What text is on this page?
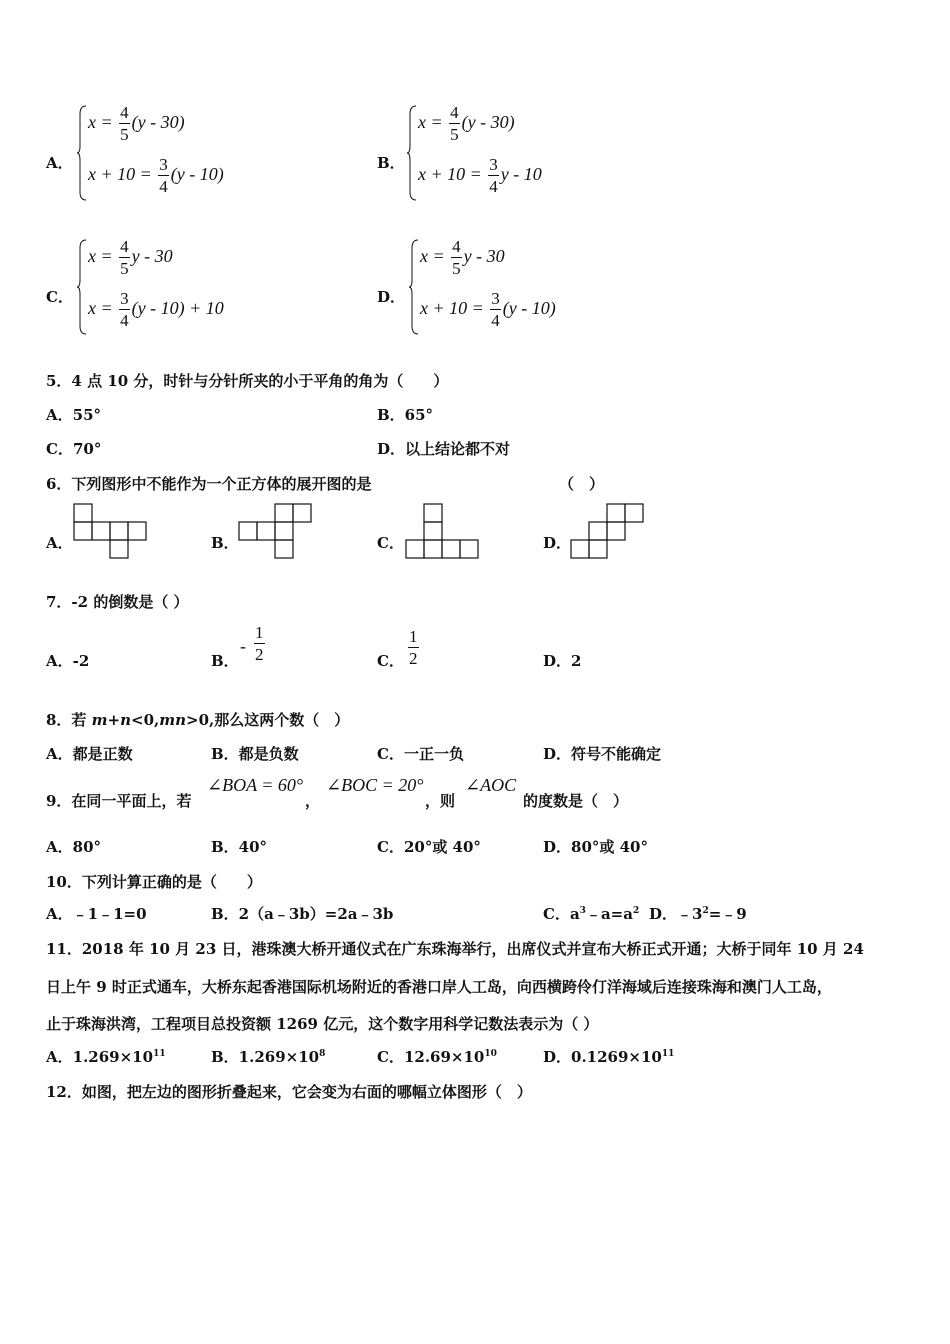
A．
$x = \frac{4}{5} (y - 30)$
$x + 10 = \frac{3}{4} (y - 10)$
B．
$x = \frac{4}{5} (y - 30)$
$x + 10 = \frac{3}{4}$ y - 10
C．
$x = \frac{4}{5}$ y - 30
$x = \frac{3}{4} (y - 10) + 10$
D．
$x = \frac{4}{5}$ y - 30
$x + 10 = \frac{3}{4} (y - 10)$
5．4 点 10 分，时针与分针所夹的小于平角的角为（　　）
A．55°	B．65°
C．70°	D．以上结论都不对
6．下列图形中不能作为一个正方体的展开图的是	（　）
A．	B．	C．	D．
7．-2 的倒数是（ ）
A．-2	B．
- $\frac{1}{2}$	C． $\frac{1}{2}$	D．2
8．若 m+n<0,mn>0,那么这两个数（　）
A．都是正数	B．都是负数	C．一正一负	D．符号不能确定
9．在同一平面上，若
∠BOA = 60°
，
∠BOC = 20°
，则
∠AOC
的度数是（　）
A．80°	B．40°	C．20°或 40°	D．80°或 40°
10．下列计算正确的是（　　）
A．﹣1﹣1=0	B．2（a﹣3b）=2a﹣3b	C．$a^3﹣a=a^2$ D．$﹣3^2=﹣9$
11．2018 年 10 月 23 日，港珠澳大桥开通仪式在广东珠海举行，出席仪式并宣布大桥正式开通；大桥于同年 10 月 24
日上午 9 时正式通车，大桥东起香港国际机场附近的香港口岸人工岛，向西横跨伶仃洋海域后连接珠海和澳门人工岛，
止于珠海洪湾，工程项目总投资额 1269 亿元，这个数字用科学记数法表示为（ ）
A．$1.269\times 10^{11}$	B．$1.269\times 10^8$	C．$12.69\times 10^{10}$	D．$0.1269\times 10^{11}$
12．如图，把左边的图形折叠起来，它会变为右面的哪幅立体图形（　）
